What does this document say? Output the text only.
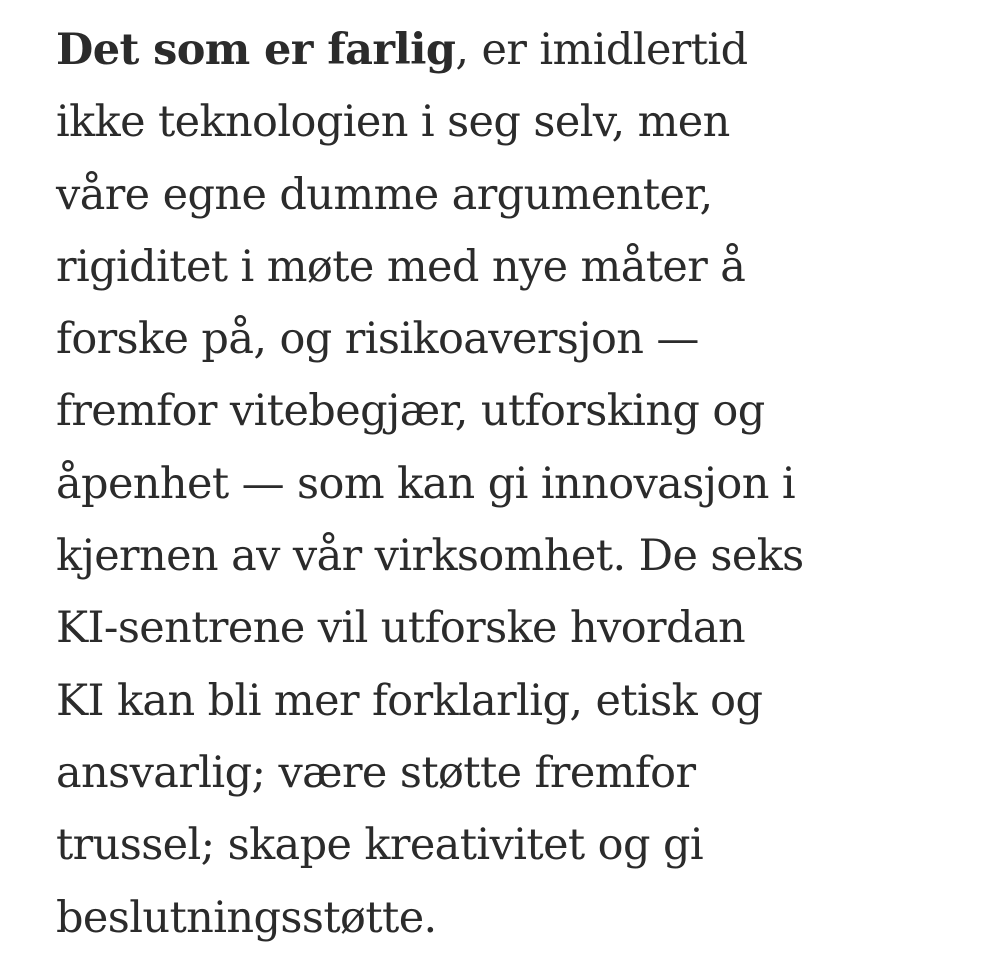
Det som er farlig, er imidlertid
ikke teknologien i seg selv, men
våre egne dumme argumenter,
rigiditet i møte med nye måter å
forske på, og risikoaversjon —
fremfor vitebegjær, utforsking og
åpenhet — som kan gi innovasjon i
kjernen av vår virksomhet. De seks
KI-sentrene vil utforske hvordan
KI kan bli mer forklarlig, etisk og
ansvarlig; være støtte fremfor
trussel; skape kreativitet og gi
beslutningsstøtte.
